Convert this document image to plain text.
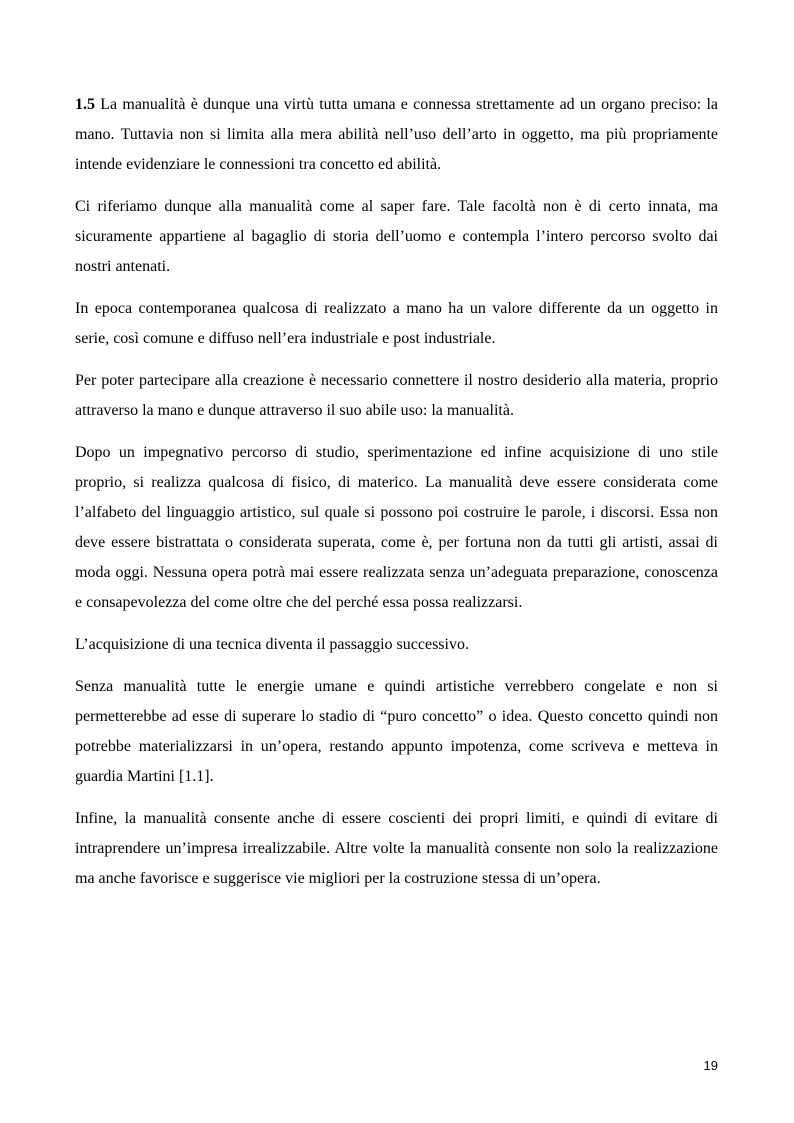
1.5 La manualità è dunque una virtù tutta umana e connessa strettamente ad un organo preciso: la mano. Tuttavia non si limita alla mera abilità nell’uso dell’arto in oggetto, ma più propriamente intende evidenziare le connessioni tra concetto ed abilità.

Ci riferiamo dunque alla manualità come al saper fare. Tale facoltà non è di certo innata, ma sicuramente appartiene al bagaglio di storia dell’uomo e contempla l’intero percorso svolto dai nostri antenati.

In epoca contemporanea qualcosa di realizzato a mano ha un valore differente da un oggetto in serie, così comune e diffuso nell’era industriale e post industriale.

Per poter partecipare alla creazione è necessario connettere il nostro desiderio alla materia, proprio attraverso la mano e dunque attraverso il suo abile uso: la manualità.

Dopo un impegnativo percorso di studio, sperimentazione ed infine acquisizione di uno stile proprio, si realizza qualcosa di fisico, di materico. La manualità deve essere considerata come l’alfabeto del linguaggio artistico, sul quale si possono poi costruire le parole, i discorsi. Essa non deve essere bistrattata o considerata superata, come è, per fortuna non da tutti gli artisti, assai di moda oggi. Nessuna opera potrà mai essere realizzata senza un’adeguata preparazione, conoscenza e consapevolezza del come oltre che del perché essa possa realizzarsi.

L’acquisizione di una tecnica diventa il passaggio successivo.

Senza manualità tutte le energie umane e quindi artistiche verrebbero congelate e non si permetterebbe ad esse di superare lo stadio di “puro concetto” o idea. Questo concetto quindi non potrebbe materializzarsi in un’opera, restando appunto impotenza, come scriveva e metteva in guardia Martini [1.1].

Infine, la manualità consente anche di essere coscienti dei propri limiti, e quindi di evitare di intraprendere un’impresa irrealizzabile. Altre volte la manualità consente non solo la realizzazione ma anche favorisce e suggerisce vie migliori per la costruzione stessa di un’opera.

19
